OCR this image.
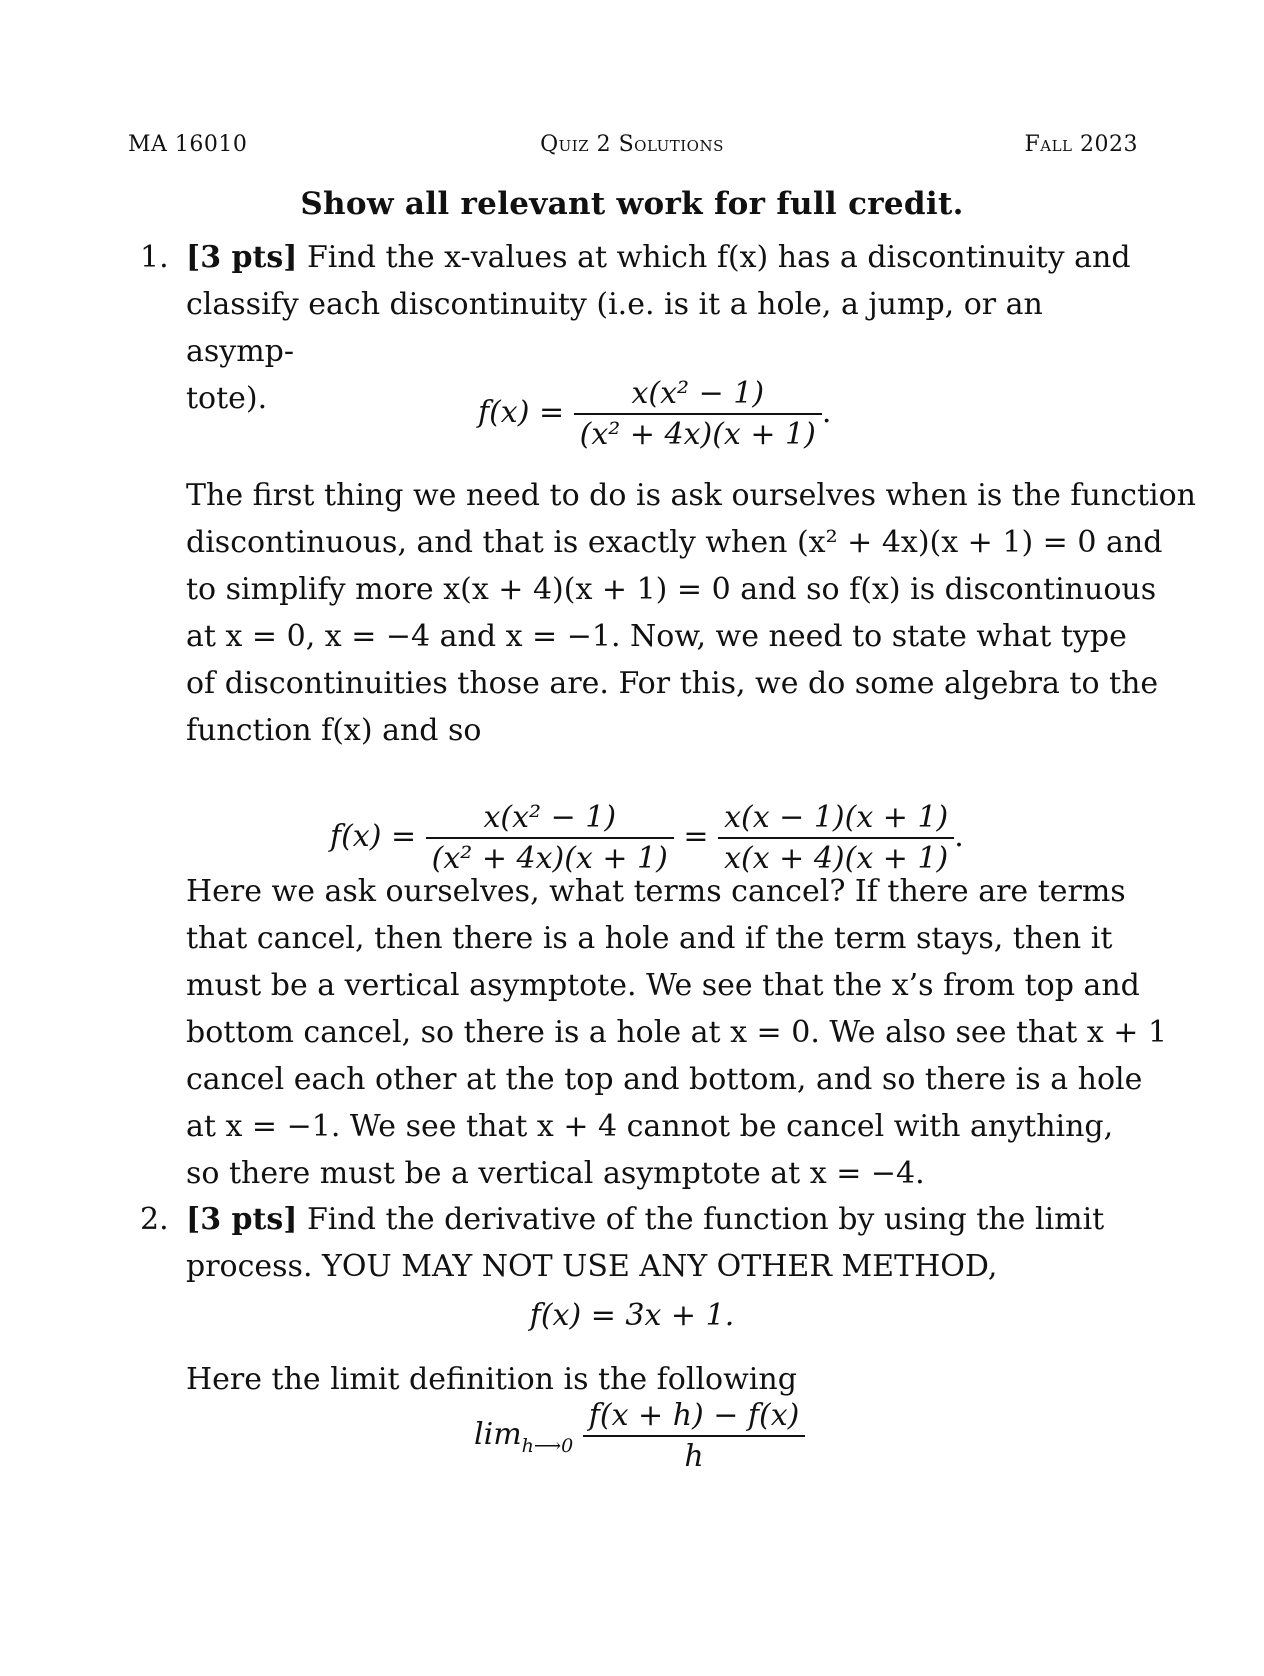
MA 16010	Quiz 2 Solutions	Fall 2023
Show all relevant work for full credit.
1. [3 pts] Find the x-values at which f(x) has a discontinuity and
classify each discontinuity (i.e. is it a hole, a jump, or an asymp-
tote).	$f(x) = \frac{\text{x(x² − 1)}}{\text{(x² + 4x)(x + 1)}}$ .
The first thing we need to do is ask ourselves when is the function
discontinuous, and that is exactly when (x² + 4x)(x + 1) = 0 and
to simplify more x(x + 4)(x + 1) = 0 and so f(x) is discontinuous
at x = 0, x = −4 and x = −1. Now, we need to state what type
of discontinuities those are. For this, we do some algebra to the
function f(x) and so
$f(x) = \frac{\text{x(x² − 1)}}{\text{(x² + 4x)(x + 1)}} = \frac{x(x - 1)(x + 1)}{x(x + 4)(x + 1)}$ .
Here we ask ourselves, what terms cancel? If there are terms
that cancel, then there is a hole and if the term stays, then it
must be a vertical asymptote. We see that the x’s from top and
bottom cancel, so there is a hole at x = 0. We also see that x + 1
cancel each other at the top and bottom, and so there is a hole
at x = −1. We see that x + 4 cannot be cancel with anything,
so there must be a vertical asymptote at x = −4.
2. [3 pts] Find the derivative of the function by using the limit
process. YOU MAY NOT USE ANY OTHER METHOD,
f(x) = 3x + 1.
Here the limit definition is the following
$\lim_{h⟶0} \frac{f(x + h) - f(x)}{h}$
